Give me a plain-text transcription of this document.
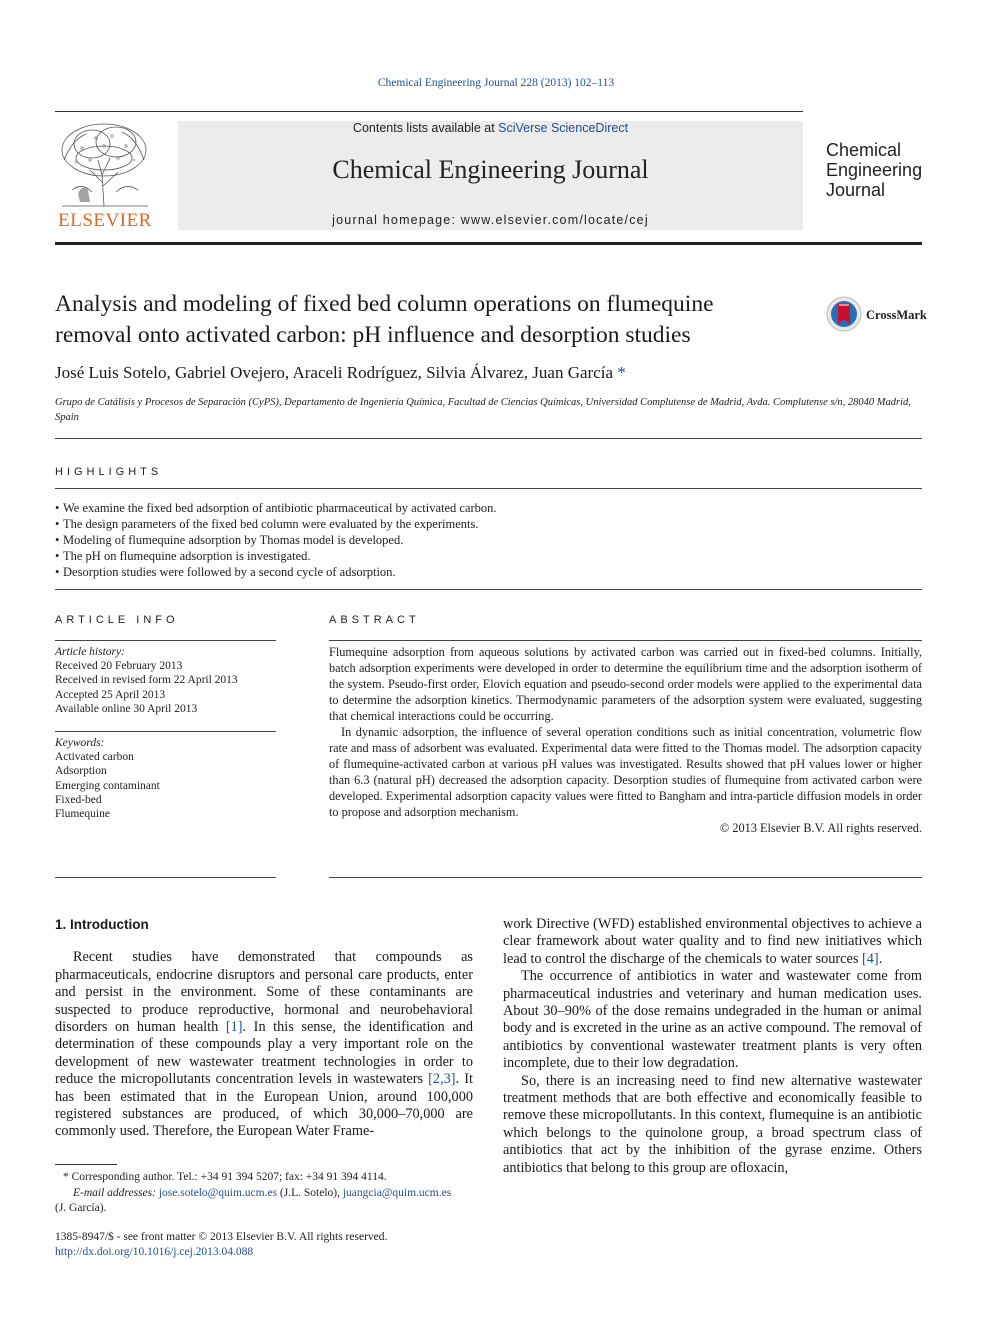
Chemical Engineering Journal 228 (2013) 102–113
ELSEVIER
Contents lists available at SciVerse ScienceDirect
Chemical Engineering Journal
journal homepage: www.elsevier.com/locate/cej
Chemical
Engineering
Journal
Analysis and modeling of fixed bed column operations on flumequine
removal onto activated carbon: pH influence and desorption studies
CrossMark
José Luis Sotelo, Gabriel Ovejero, Araceli Rodríguez, Silvia Álvarez, Juan García *
Grupo de Catálisis y Procesos de Separación (CyPS), Departamento de Ingeniería Química, Facultad de Ciencias Químicas, Universidad Complutense de Madrid, Avda. Complutense s/n, 28040 Madrid, Spain
HIGHLIGHTS
• We examine the fixed bed adsorption of antibiotic pharmaceutical by activated carbon.
• The design parameters of the fixed bed column were evaluated by the experiments.
• Modeling of flumequine adsorption by Thomas model is developed.
• The pH on flumequine adsorption is investigated.
• Desorption studies were followed by a second cycle of adsorption.
ARTICLE INFO
Article history:
Received 20 February 2013
Received in revised form 22 April 2013
Accepted 25 April 2013
Available online 30 April 2013
Keywords:
Activated carbon
Adsorption
Emerging contaminant
Fixed-bed
Flumequine
ABSTRACT

Flumequine adsorption from aqueous solutions by activated carbon was carried out in fixed-bed columns. Initially, batch adsorption experiments were developed in order to determine the equilibrium time and the adsorption isotherm of the system. Pseudo-first order, Elovich equation and pseudo-second order models were applied to the experimental data to determine the adsorption kinetics. Thermodynamic parameters of the adsorption system were evaluated, suggesting that chemical interactions could be occurring.

In dynamic adsorption, the influence of several operation conditions such as initial concentration, volumetric flow rate and mass of adsorbent was evaluated. Experimental data were fitted to the Thomas model. The adsorption capacity of flumequine-activated carbon at various pH values was investigated. Results showed that pH values lower or higher than 6.3 (natural pH) decreased the adsorption capacity. Desorption studies of flumequine from activated carbon were developed. Experimental adsorption capacity values were fitted to Bangham and intra-particle diffusion models in order to propose and adsorption mechanism.

© 2013 Elsevier B.V. All rights reserved.

1. Introduction

Recent studies have demonstrated that compounds as pharmaceuticals, endocrine disruptors and personal care products, enter and persist in the environment. Some of these contaminants are suspected to produce reproductive, hormonal and neurobehavioral disorders on human health [1]. In this sense, the identification and determination of these compounds play a very important role on the development of new wastewater treatment technologies in order to reduce the micropollutants concentration levels in wastewaters [2,3]. It has been estimated that in the European Union, around 100,000 registered substances are produced, of which 30,000–70,000 are commonly used. Therefore, the European Water Frame-

work Directive (WFD) established environmental objectives to achieve a clear framework about water quality and to find new initiatives which lead to control the discharge of the chemicals to water sources [4].

The occurrence of antibiotics in water and wastewater come from pharmaceutical industries and veterinary and human medication uses. About 30–90% of the dose remains undegraded in the human or animal body and is excreted in the urine as an active compound. The removal of antibiotics by conventional wastewater treatment plants is very often incomplete, due to their low degradation.

So, there is an increasing need to find new alternative wastewater treatment methods that are both effective and economically feasible to remove these micropollutants. In this context, flumequine is an antibiotic which belongs to the quinolone group, a broad spectrum class of antibiotics that act by the inhibition of the gyrase enzime. Others antibiotics that belong to this group are ofloxacin,

* Corresponding author. Tel.: +34 91 394 5207; fax: +34 91 394 4114.
E-mail addresses: jose.sotelo@quim.ucm.es (J.L. Sotelo), juangcia@quim.ucm.es
(J. García).
1385-8947/$ - see front matter © 2013 Elsevier B.V. All rights reserved.
http://dx.doi.org/10.1016/j.cej.2013.04.088
